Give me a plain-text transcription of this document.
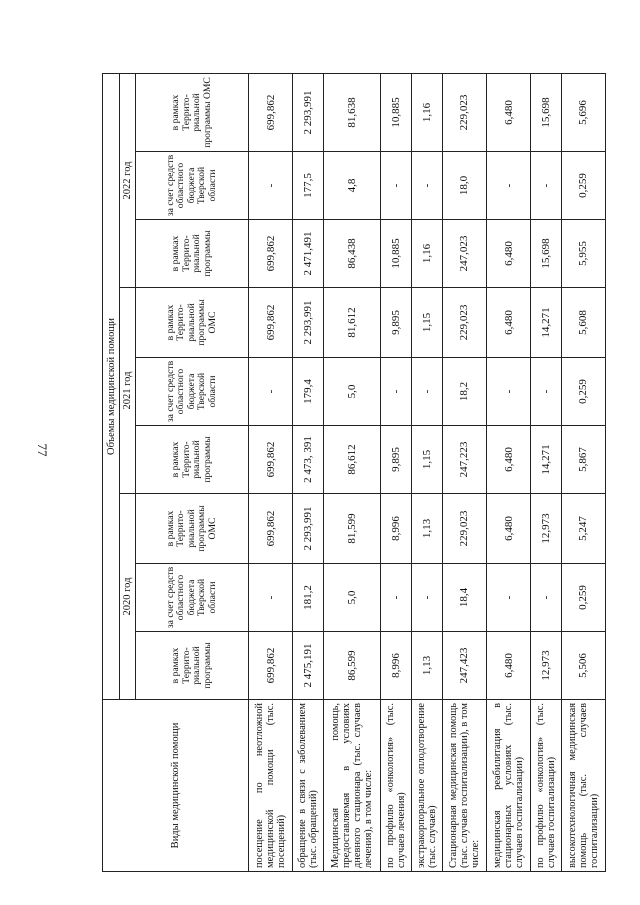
77
Виды медицинской помощи	Объемы медицинской помощи								
	2020 год			2021 год			2022 год		
	в рамках Террито-риальной программы	за счет средств областного бюджета Тверской области	в рамках Террито-риальной программы ОМС	в рамках Террито-риальной программы	за счет средств областного бюджета Тверской области	в рамках Террито-риальной программы ОМС	в рамках Террито-риальной программы	за счет средств областного бюджета Тверской области	в рамках Террито-риальной программы ОМС
посещение по неотложной медицинской помощи (тыс. посещений)	699,862	-	699,862	699,862	-	699,862	699,862	-	699,862
обращение в связи с заболеванием (тыс. обращений)	2 475,191	181,2	2 293,991	2 473, 391	179,4	2 293,991	2 471,491	177,5	2 293,991
Медицинская помощь, предоставляемая в условиях дневного стационара (тыс. случаев лечения), в том числе:	86,599	5,0	81,599	86,612	5,0	81,612	86,438	4,8	81,638
по профилю «онкология» (тыс. случаев лечения)	8,996	-	8,996	9,895	-	9,895	10,885	-	10,885
экстракорпоральное оплодотворение (тыс. случаев)	1,13	-	1,13	1,15	-	1,15	1,16	-	1,16
Стационарная медицинская помощь (тыс. случаев госпитализации), в том числе:	247,423	18,4	229,023	247,223	18,2	229,023	247,023	18,0	229,023
медицинская реабилитация в стационарных условиях (тыс. случаев госпитализации)	6,480	-	6,480	6,480	-	6,480	6,480	-	6,480
по профилю «онкология» (тыс. случаев госпитализации)	12,973	-	12,973	14,271	-	14,271	15,698	-	15,698
высокотехнологичная медицинская помощь (тыс. случаев госпитализации)	5,506	0,259	5,247	5,867	0,259	5,608	5,955	0,259	5,696
